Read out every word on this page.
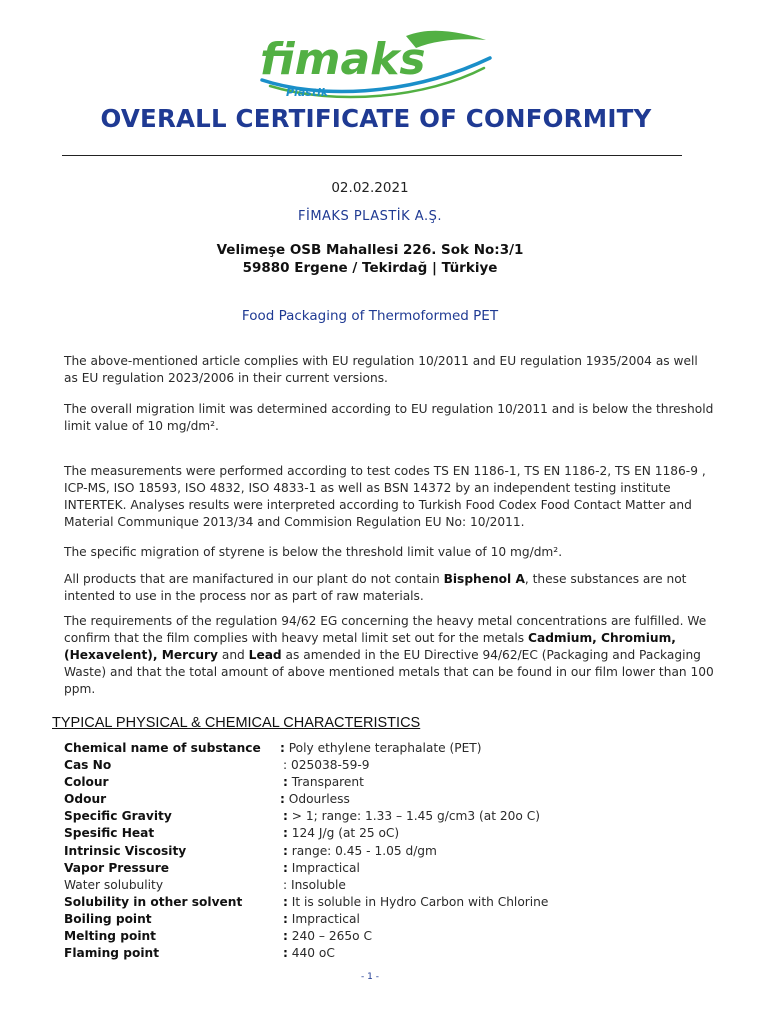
fimaks
Plastik
OVERALL CERTIFICATE OF CONFORMITY
02.02.2021
FİMAKS PLASTİK A.Ş.
Velimeşe OSB Mahallesi 226. Sok No:3/1
59880 Ergene / Tekirdağ | Türkiye
Food Packaging of Thermoformed PET

The above-mentioned article complies with EU regulation 10/2011 and EU regulation 1935/2004 as well as EU regulation 2023/2006 in their current versions.

The overall migration limit was determined according to EU regulation 10/2011 and is below the threshold limit value of 10 mg/dm².

The measurements were performed according to test codes TS EN 1186-1, TS EN 1186-2, TS EN 1186-9 , ICP-MS, ISO 18593, ISO 4832, ISO 4833-1 as well as BSN 14372 by an independent testing institute INTERTEK. Analyses results were interpreted according to Turkish Food Codex Food Contact Matter and Material Communique 2013/34 and Commision Regulation EU No: 10/2011.

The specific migration of styrene is below the threshold limit value of 10 mg/dm².

All products that are manifactured in our plant do not contain Bisphenol A, these substances are not intented to use in the process nor as part of raw materials.

The requirements of the regulation 94/62 EG concerning the heavy metal concentrations are fulfilled. We confirm that the film complies with heavy metal limit set out for the metals Cadmium, Chromium, (Hexavelent), Mercury and Lead as amended in the EU Directive 94/62/EC (Packaging and Packaging Waste) and that the total amount of above mentioned metals that can be found in our film lower than 100 ppm.

TYPICAL PHYSICAL & CHEMICAL CHARACTERISTICS
Chemical name of substance : Poly ethylene teraphalate (PET)
Cas No	: 025038-59-9
Colour	: Transparent
Odour	: Odourless
Specific Gravity	: > 1; range: 1.33 – 1.45 g/cm3 (at 20o C)
Spesific Heat	: 124 J/g (at 25 oC)
Intrinsic Viscosity	: range: 0.45 - 1.05 d/gm
Vapor Pressure	: Impractical
Water solubulity	: Insoluble
Solubility in other solvent	: It is soluble in Hydro Carbon with Chlorine
Boiling point	: Impractical
Melting point	: 240 – 265o C
Flaming point	: 440 oC
- 1 -
